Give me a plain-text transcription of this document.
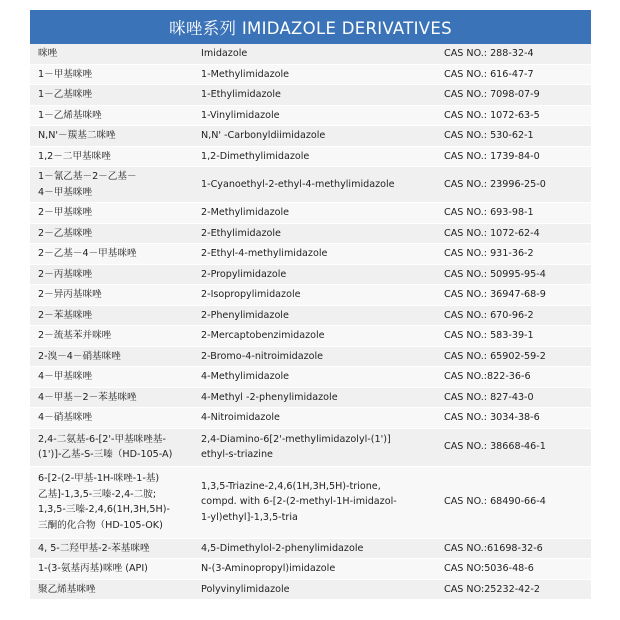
咪唑系列 IMIDAZOLE DERIVATIVES
咪唑	Imidazole	CAS NO.: 288-32-4
1－甲基咪唑	1-Methylimidazole	CAS NO.: 616-47-7
1－乙基咪唑	1-Ethylimidazole	CAS NO.: 7098-07-9
1－乙烯基咪唑	1-Vinylimidazole	CAS NO.: 1072-63-5
N,N'－羰基二咪唑	N,N' -Carbonyldiimidazole	CAS NO.: 530-62-1
1,2－二甲基咪唑	1,2-Dimethylimidazole	CAS NO.: 1739-84-0
1－氰乙基－2－乙基－
4－甲基咪唑	1-Cyanoethyl-2-ethyl-4-methylimidazole	CAS NO.: 23996-25-0
2－甲基咪唑	2-Methylimidazole	CAS NO.: 693-98-1
2－乙基咪唑	2-Ethylimidazole	CAS NO.: 1072-62-4
2－乙基－4－甲基咪唑	2-Ethyl-4-methylimidazole	CAS NO.: 931-36-2
2－丙基咪唑	2-Propylimidazole	CAS NO.: 50995-95-4
2－异丙基咪唑	2-Isopropylimidazole	CAS NO.: 36947-68-9
2－苯基咪唑	2-Phenylimidazole	CAS NO.: 670-96-2
2－巯基苯并咪唑	2-Mercaptobenzimidazole	CAS NO.: 583-39-1
2-溴－4－硝基咪唑	2-Bromo-4-nitroimidazole	CAS NO.: 65902-59-2
4－甲基咪唑	4-Methylimidazole	CAS NO.:822-36-6
4－甲基－2－苯基咪唑	4-Methyl -2-phenylimidazole	CAS NO.: 827-43-0
4－硝基咪唑	4-Nitroimidazole	CAS NO.: 3034-38-6
2,4-二氨基-6-[2'-甲基咪唑基-
(1')]-乙基-S-三嗪（HD-105-A)	2,4-Diamino-6[2'-methylimidazolyl-(1')]
ethyl-s-triazine	CAS NO.: 38668-46-1
6-[2-(2-甲基-1H-咪唑-1-基)
乙基]-1,3,5-三嗪-2,4-二胺;
1,3,5-三嗪-2,4,6(1H,3H,5H)-
三酮的化合物（HD-105-OK)	1,3,5-Triazine-2,4,6(1H,3H,5H)-trione,
compd. with 6-[2-(2-methyl-1H-imidazol-
1-yl)ethyl]-1,3,5-tria	CAS NO.: 68490-66-4
4, 5-二羟甲基-2-苯基咪唑	4,5-Dimethylol-2-phenylimidazole	CAS NO.:61698-32-6
1-(3-氨基丙基)咪唑 (API)	N-(3-Aminopropyl)imidazole	CAS NO:5036-48-6
聚乙烯基咪唑	Polyvinylimidazole	CAS NO:25232-42-2
